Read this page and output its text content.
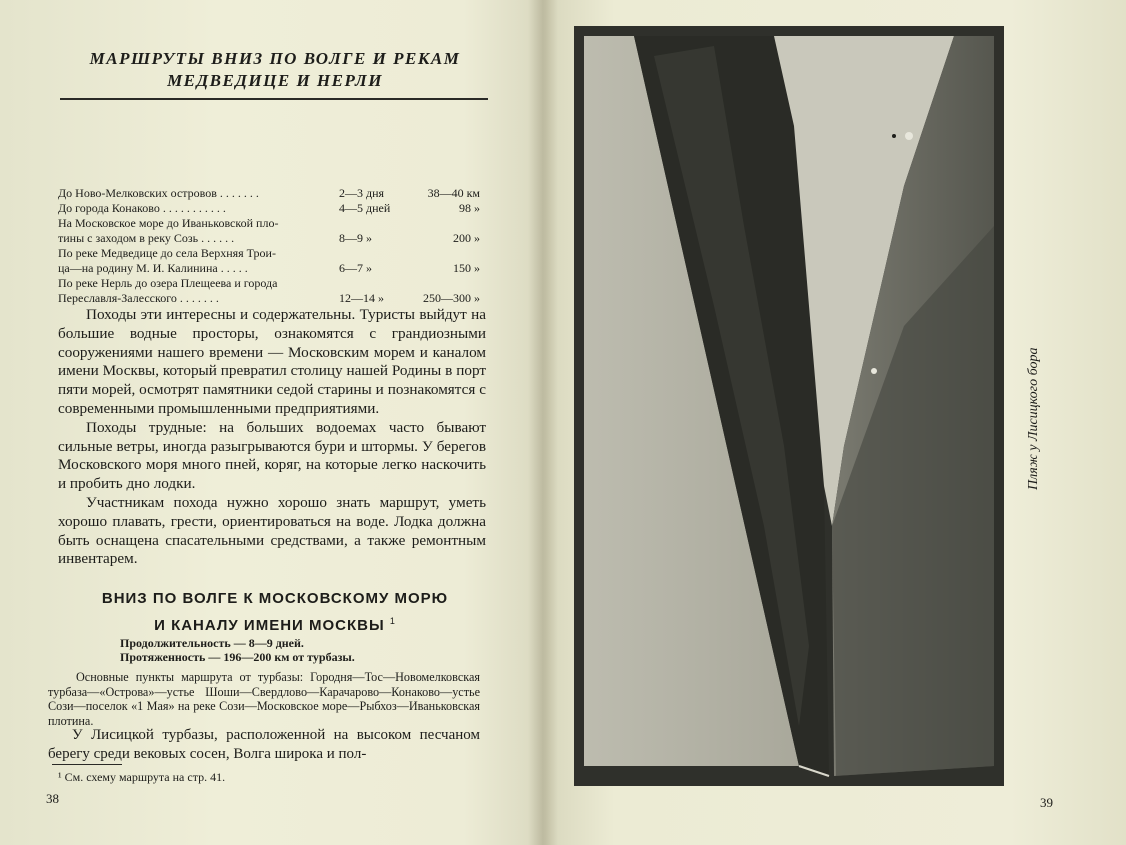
МАРШРУТЫ ВНИЗ ПО ВОЛГЕ И РЕКАМ
МЕДВЕДИЦЕ И НЕРЛИ
До Ново-Мелковских островов . . . . . . .	2—3 дня	38—40 км
До города Конаково . . . . . . . . . . .	4—5 дней	98 »
На Московское море до Иваньковской пло-
тины с заходом в реку Созь . . . . . .	8—9 »	200 »
По реке Медведице до села Верхняя Трои-
ца—на родину М. И. Калинина . . . . .	6—7 »	150 »
По реке Нерль до озера Плещеева и города
Переславля-Залесского . . . . . . .	12—14 »	250—300 »

Походы эти интересны и содержательны. Туристы выйдут на большие водные просторы, ознакомятся с грандиозными сооружениями нашего времени — Московским морем и каналом имени Москвы, который превратил столицу нашей Родины в порт пяти морей, осмотрят памятники седой старины и познакомятся с современными промышленными предприятиями.

Походы трудные: на больших водоемах часто бывают сильные ветры, иногда разыгрываются бури и штормы. У берегов Московского моря много пней, коряг, на которые легко наскочить и пробить дно лодки.

Участникам похода нужно хорошо знать маршрут, уметь хорошо плавать, грести, ориентироваться на воде. Лодка должна быть оснащена спасательными средствами, а также ремонтным инвентарем.

ВНИЗ ПО ВОЛГЕ К МОСКОВСКОМУ МОРЮ
И КАНАЛУ ИМЕНИ МОСКВЫ $^1$
Продолжительность — 8—9 дней.
Протяженность — 196—200 км от турбазы.

Основные пункты маршрута от турбазы: Городня—Тос—Новомелковская турбаза—«Острова»—устье Шоши—Свердлово—Карачарово—Конаково—устье Сози—поселок «1 Мая» на реке Сози—Московское море—Рыбхоз—Иваньковская плотина.

У Лисицкой турбазы, расположенной на высоком песчаном берегу среди вековых сосен, Волга широка и пол-

¹ См. схему маршрута на стр. 41.
38
Пляж у Лисицкого бора
39
